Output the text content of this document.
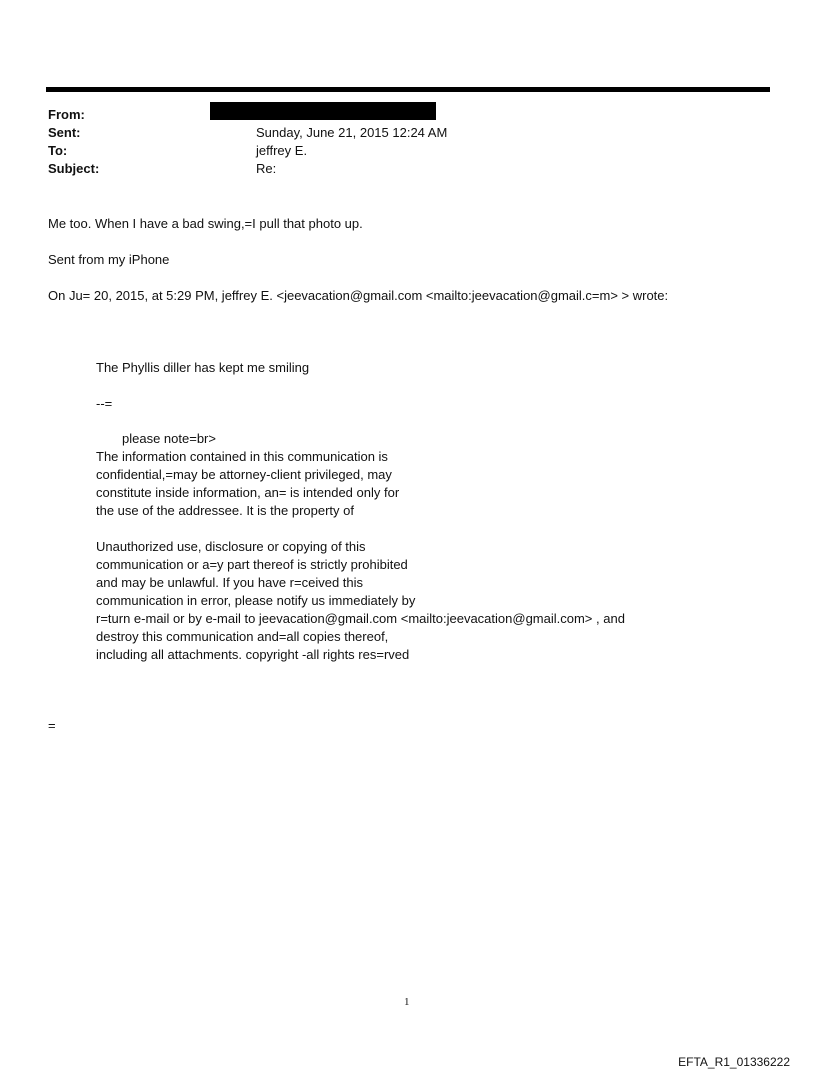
From:
Sent:	Sunday, June 21, 2015 12:24 AM
To:	jeffrey E.
Subject:	Re:
Me too. When I have a bad swing,=I pull that photo up.
Sent from my iPhone
On Ju= 20, 2015, at 5:29 PM, jeffrey E. <jeevacation@gmail.com <mailto:jeevacation@gmail.c=m> > wrote:
The Phyllis diller has kept me smiling
--=
please note=br>
The information contained in this communication is
confidential,=may be attorney-client privileged, may
constitute inside information, an= is intended only for
the use of the addressee. It is the property of
Unauthorized use, disclosure or copying of this
communication or a=y part thereof is strictly prohibited
and may be unlawful. If you have r=ceived this
communication in error, please notify us immediately by
r=turn e-mail or by e-mail to jeevacation@gmail.com <mailto:jeevacation@gmail.com> , and
destroy this communication and=all copies thereof,
including all attachments. copyright -all rights res=rved
=
1
EFTA_R1_01336222
